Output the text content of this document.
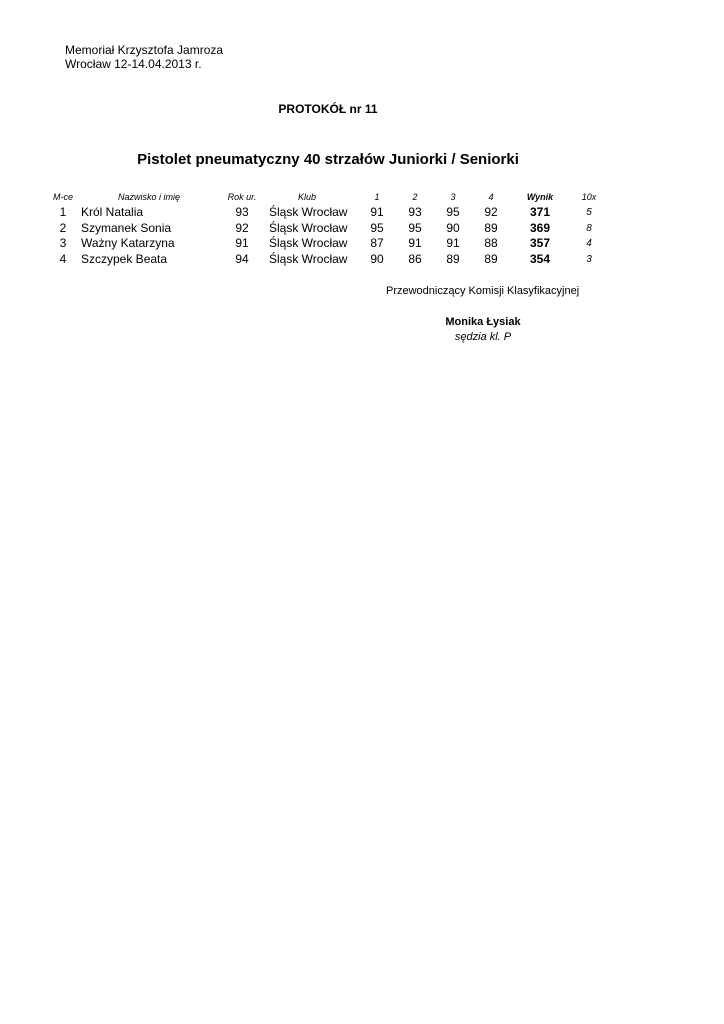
Memoriał Krzysztofa Jamroza
Wrocław 12-14.04.2013 r.
PROTOKÓŁ nr 11
Pistolet pneumatyczny 40 strzałów Juniorki / Seniorki
M-ce	Nazwisko i imię	Rok ur.	Klub	1	2	3	4	Wynik	10x
1	Król Natalia	93	Śląsk Wrocław	91	93	95	92	371	5
2	Szymanek Sonia	92	Śląsk Wrocław	95	95	90	89	369	8
3	Ważny Katarzyna	91	Śląsk Wrocław	87	91	91	88	357	4
4	Szczypek Beata	94	Śląsk Wrocław	90	86	89	89	354	3
Przewodniczący Komisji Klasyfikacyjnej
Monika Łysiak
sędzia kl. P
